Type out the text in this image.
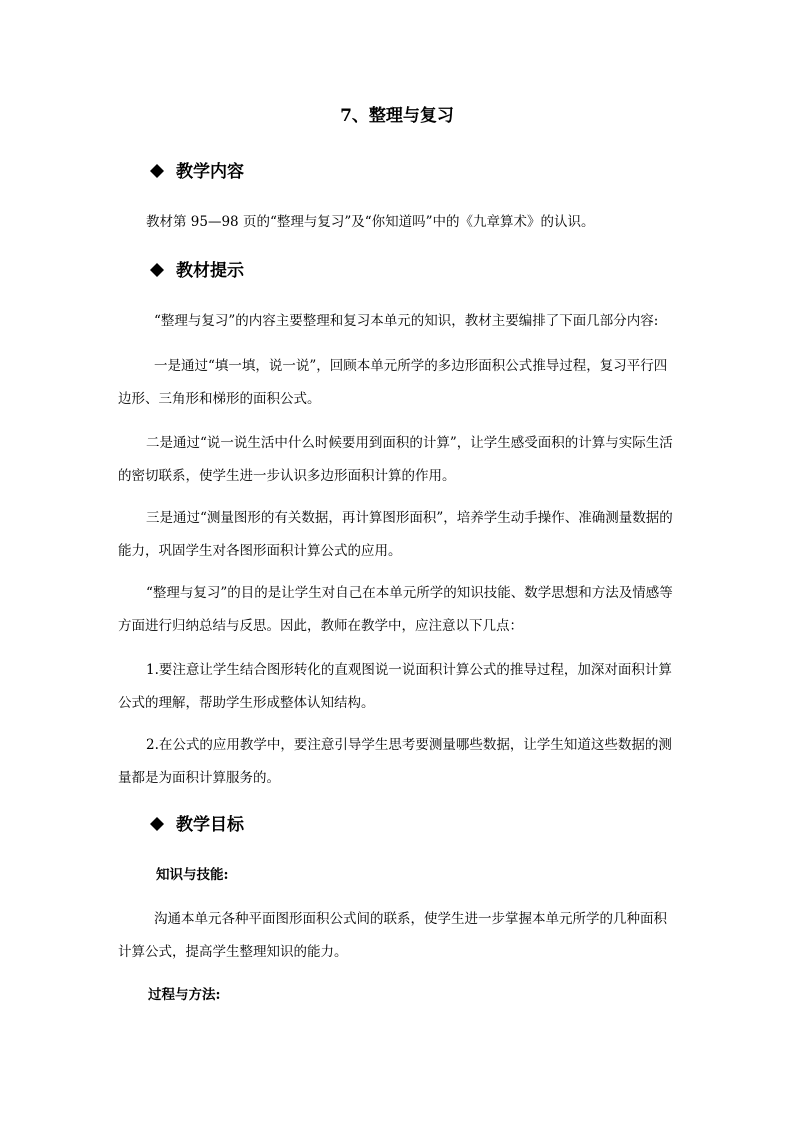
7、整理与复习
教学内容

教材第 95—98 页的“整理与复习”及“你知道吗”中的《九章算术》的认识。

教材提示

“整理与复习”的内容主要整理和复习本单元的知识，教材主要编排了下面几部分内容:

一是通过“填一填，说一说”，回顾本单元所学的多边形面积公式推导过程，复习平行四边形、三角形和梯形的面积公式。

二是通过“说一说生活中什么时候要用到面积的计算”，让学生感受面积的计算与实际生活的密切联系，使学生进一步认识多边形面积计算的作用。

三是通过“测量图形的有关数据，再计算图形面积”，培养学生动手操作、准确测量数据的能力，巩固学生对各图形面积计算公式的应用。

“整理与复习”的目的是让学生对自己在本单元所学的知识技能、数学思想和方法及情感等方面进行归纳总结与反思。因此，教师在教学中，应注意以下几点：

1.要注意让学生结合图形转化的直观图说一说面积计算公式的推导过程，加深对面积计算公式的理解，帮助学生形成整体认知结构。

2.在公式的应用教学中，要注意引导学生思考要测量哪些数据，让学生知道这些数据的测量都是为面积计算服务的。

教学目标
知识与技能:

沟通本单元各种平面图形面积公式间的联系，使学生进一步掌握本单元所学的几种面积计算公式，提高学生整理知识的能力。

过程与方法:
